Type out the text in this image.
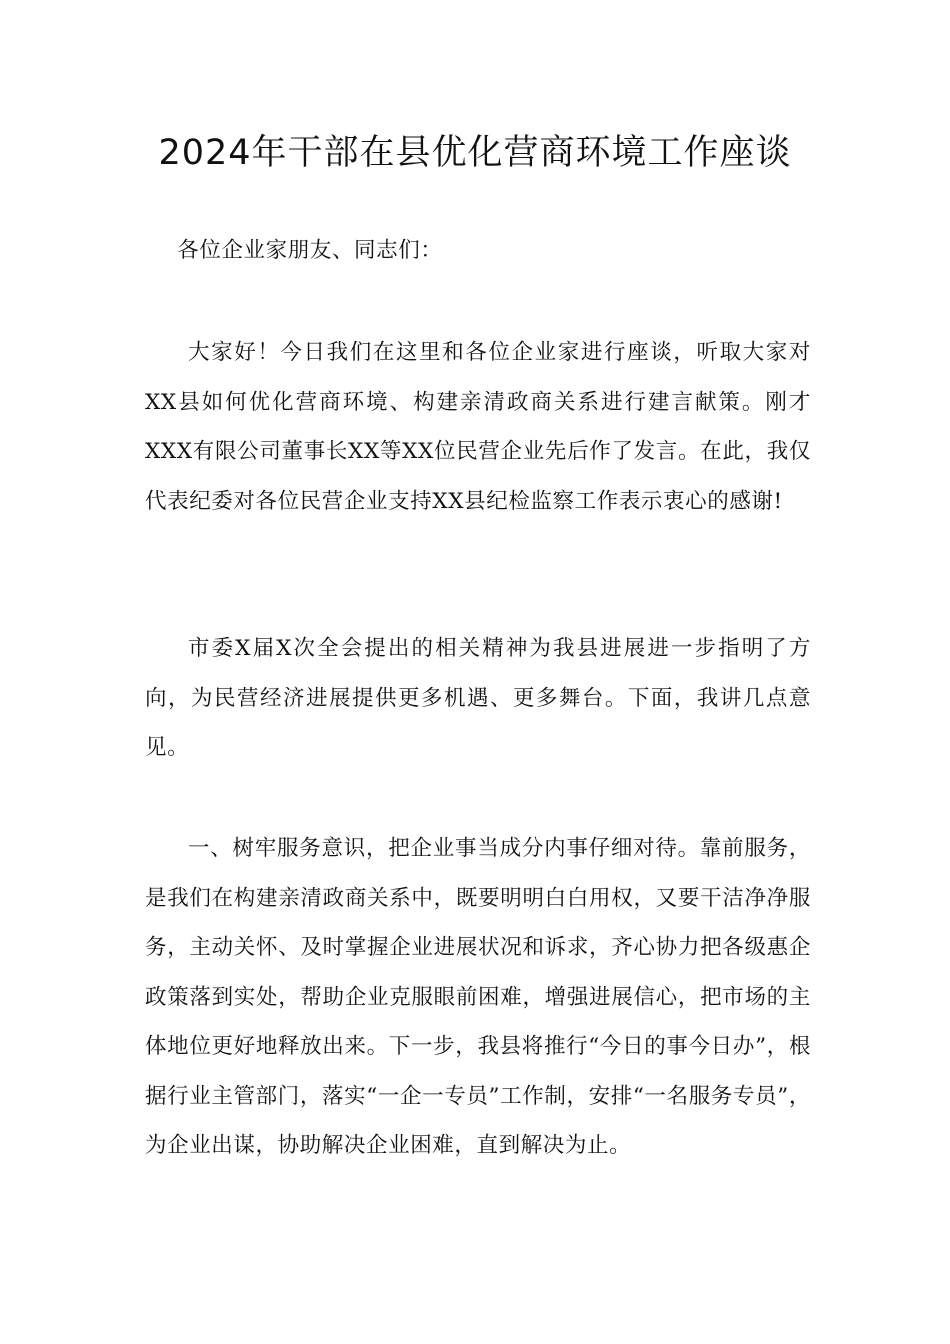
2024年干部在县优化营商环境工作座谈

各位企业家朋友、同志们：

大家好！今日我们在这里和各位企业家进行座谈，听取大家对XX县如何优化营商环境、构建亲清政商关系进行建言献策。刚才XXX有限公司董事长XX等XX位民营企业先后作了发言。在此，我仅代表纪委对各位民营企业支持XX县纪检监察工作表示衷心的感谢!

市委X届X次全会提出的相关精神为我县进展进一步指明了方向，为民营经济进展提供更多机遇、更多舞台。下面，我讲几点意见。

一、树牢服务意识，把企业事当成分内事仔细对待。靠前服务，是我们在构建亲清政商关系中，既要明明白白用权，又要干洁净净服务，主动关怀、及时掌握企业进展状况和诉求，齐心协力把各级惠企政策落到实处，帮助企业克服眼前困难，增强进展信心，把市场的主体地位更好地释放出来。下一步，我县将推行“今日的事今日办”，根据行业主管部门，落实“一企一专员”工作制，安排“一名服务专员”，为企业出谋，协助解决企业困难，直到解决为止。
